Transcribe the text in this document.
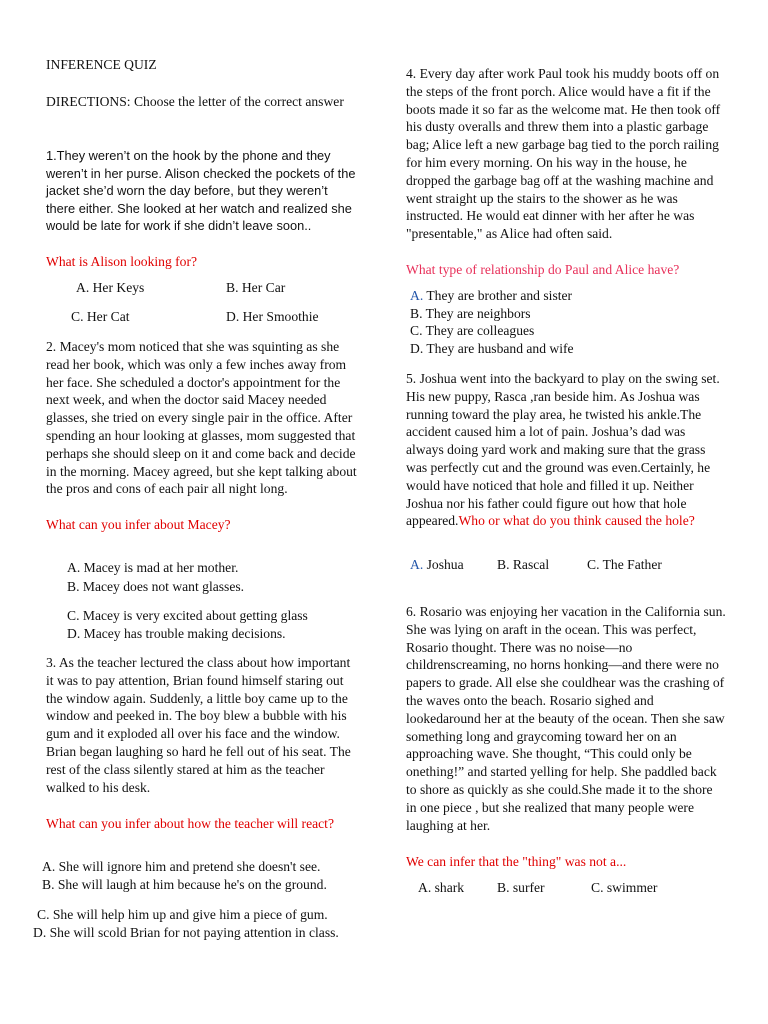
INFERENCE QUIZ
DIRECTIONS: Choose the letter of the correct answer
1.They weren’t on the hook by the phone and they weren’t in her purse. Alison checked the pockets of the jacket she’d worn the day before, but they weren’t there either. She looked at her watch and realized she would be late for work if she didn’t leave soon..
What is Alison looking for?
A. Her Keys	B. Her Car
C. Her Cat	D. Her Smoothie
2. Macey's mom noticed that she was squinting as she read her book, which was only a few inches away from her face. She scheduled a doctor's appointment for the next week, and when the doctor said Macey needed glasses, she tried on every single pair in the office. After spending an hour looking at glasses, mom suggested that perhaps she should sleep on it and come back and decide in the morning. Macey agreed, but she kept talking about the pros and cons of each pair all night long.
What can you infer about Macey?
A. Macey is mad at her mother.
B. Macey does not want glasses.
C. Macey is very excited about getting glass
D. Macey has trouble making decisions.
3. As the teacher lectured the class about how important it was to pay attention, Brian found himself staring out the window again. Suddenly, a little boy came up to the window and peeked in. The boy blew a bubble with his gum and it exploded all over his face and the window. Brian began laughing so hard he fell out of his seat. The rest of the class silently stared at him as the teacher walked to his desk.
What can you infer about how the teacher will react?
A. She will ignore him and pretend she doesn't see.
B. She will laugh at him because he's on the ground.
C. She will help him up and give him a piece of gum.
D. She will scold Brian for not paying attention in class.
4. Every day after work Paul took his muddy boots off on the steps of the front porch. Alice would have a fit if the boots made it so far as the welcome mat. He then took off his dusty overalls and threw them into a plastic garbage bag; Alice left a new garbage bag tied to the porch railing for him every morning. On his way in the house, he dropped the garbage bag off at the washing machine and went straight up the stairs to the shower as he was instructed. He would eat dinner with her after he was "presentable," as Alice had often said.
What type of relationship do Paul and Alice have?
A. They are brother and sister
B. They are neighbors
C. They are colleagues
D. They are husband and wife
5. Joshua went into the backyard to play on the swing set. His new puppy, Rasca ,ran beside him. As Joshua was running toward the play area, he twisted his ankle.The accident caused him a lot of pain. Joshua’s dad was always doing yard work and making sure that the grass was perfectly cut and the ground was even.Certainly, he would have noticed that hole and filled it up. Neither Joshua nor his father could figure out how that hole appeared.Who or what do you think caused the hole?
A. Joshua B. Rascal	C. The Father
6. Rosario was enjoying her vacation in the California sun. She was lying on araft in the ocean. This was perfect, Rosario thought. There was no noise—no childrenscreaming, no horns honking—and there were no papers to grade. All else she couldhear was the crashing of the waves onto the beach. Rosario sighed and lookedaround her at the beauty of the ocean. Then she saw something long and graycoming toward her on an approaching wave. She thought, “This could only be onething!” and started yelling for help. She paddled back to shore as quickly as she could.She made it to the shore in one piece , but she realized that many people were laughing at her.
We can infer that the "thing" was not a...
A. shark B. surfer	C. swimmer
